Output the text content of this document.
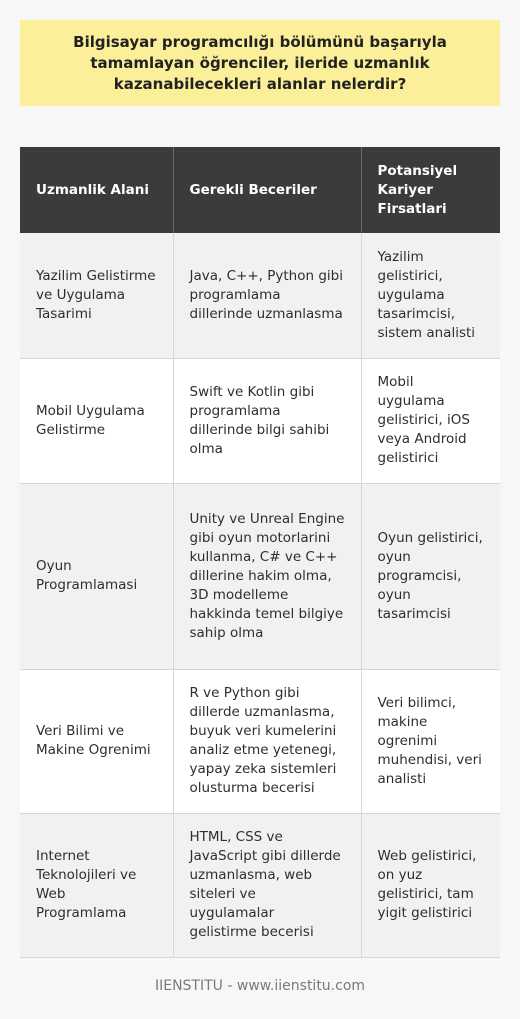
Bilgisayar programcılığı bölümünü başarıyla tamamlayan öğrenciler, ileride uzmanlık kazanabilecekleri alanlar nelerdir?
Uzmanlik Alani	Gerekli Beceriler	Potansiyel Kariyer Firsatlari
Yazilim Gelistirme ve Uygulama Tasarimi	Java, C++, Python gibi programlama dillerinde uzmanlasma	Yazilim gelistirici, uygulama tasarimcisi, sistem analisti
Mobil Uygulama Gelistirme	Swift ve Kotlin gibi programlama dillerinde bilgi sahibi olma	Mobil uygulama gelistirici, iOS veya Android gelistirici
Oyun Programlamasi	Unity ve Unreal Engine gibi oyun motorlarini kullanma, C# ve C++ dillerine hakim olma, 3D modelleme hakkinda temel bilgiye sahip olma	Oyun gelistirici, oyun programcisi, oyun tasarimcisi
Veri Bilimi ve Makine Ogrenimi	R ve Python gibi dillerde uzmanlasma, buyuk veri kumelerini analiz etme yetenegi, yapay zeka sistemleri olusturma becerisi	Veri bilimci, makine ogrenimi muhendisi, veri analisti
Internet Teknolojileri ve Web Programlama	HTML, CSS ve JavaScript gibi dillerde uzmanlasma, web siteleri ve uygulamalar gelistirme becerisi	Web gelistirici, on yuz gelistirici, tam yigit gelistirici
IIENSTITU - www.iienstitu.com
